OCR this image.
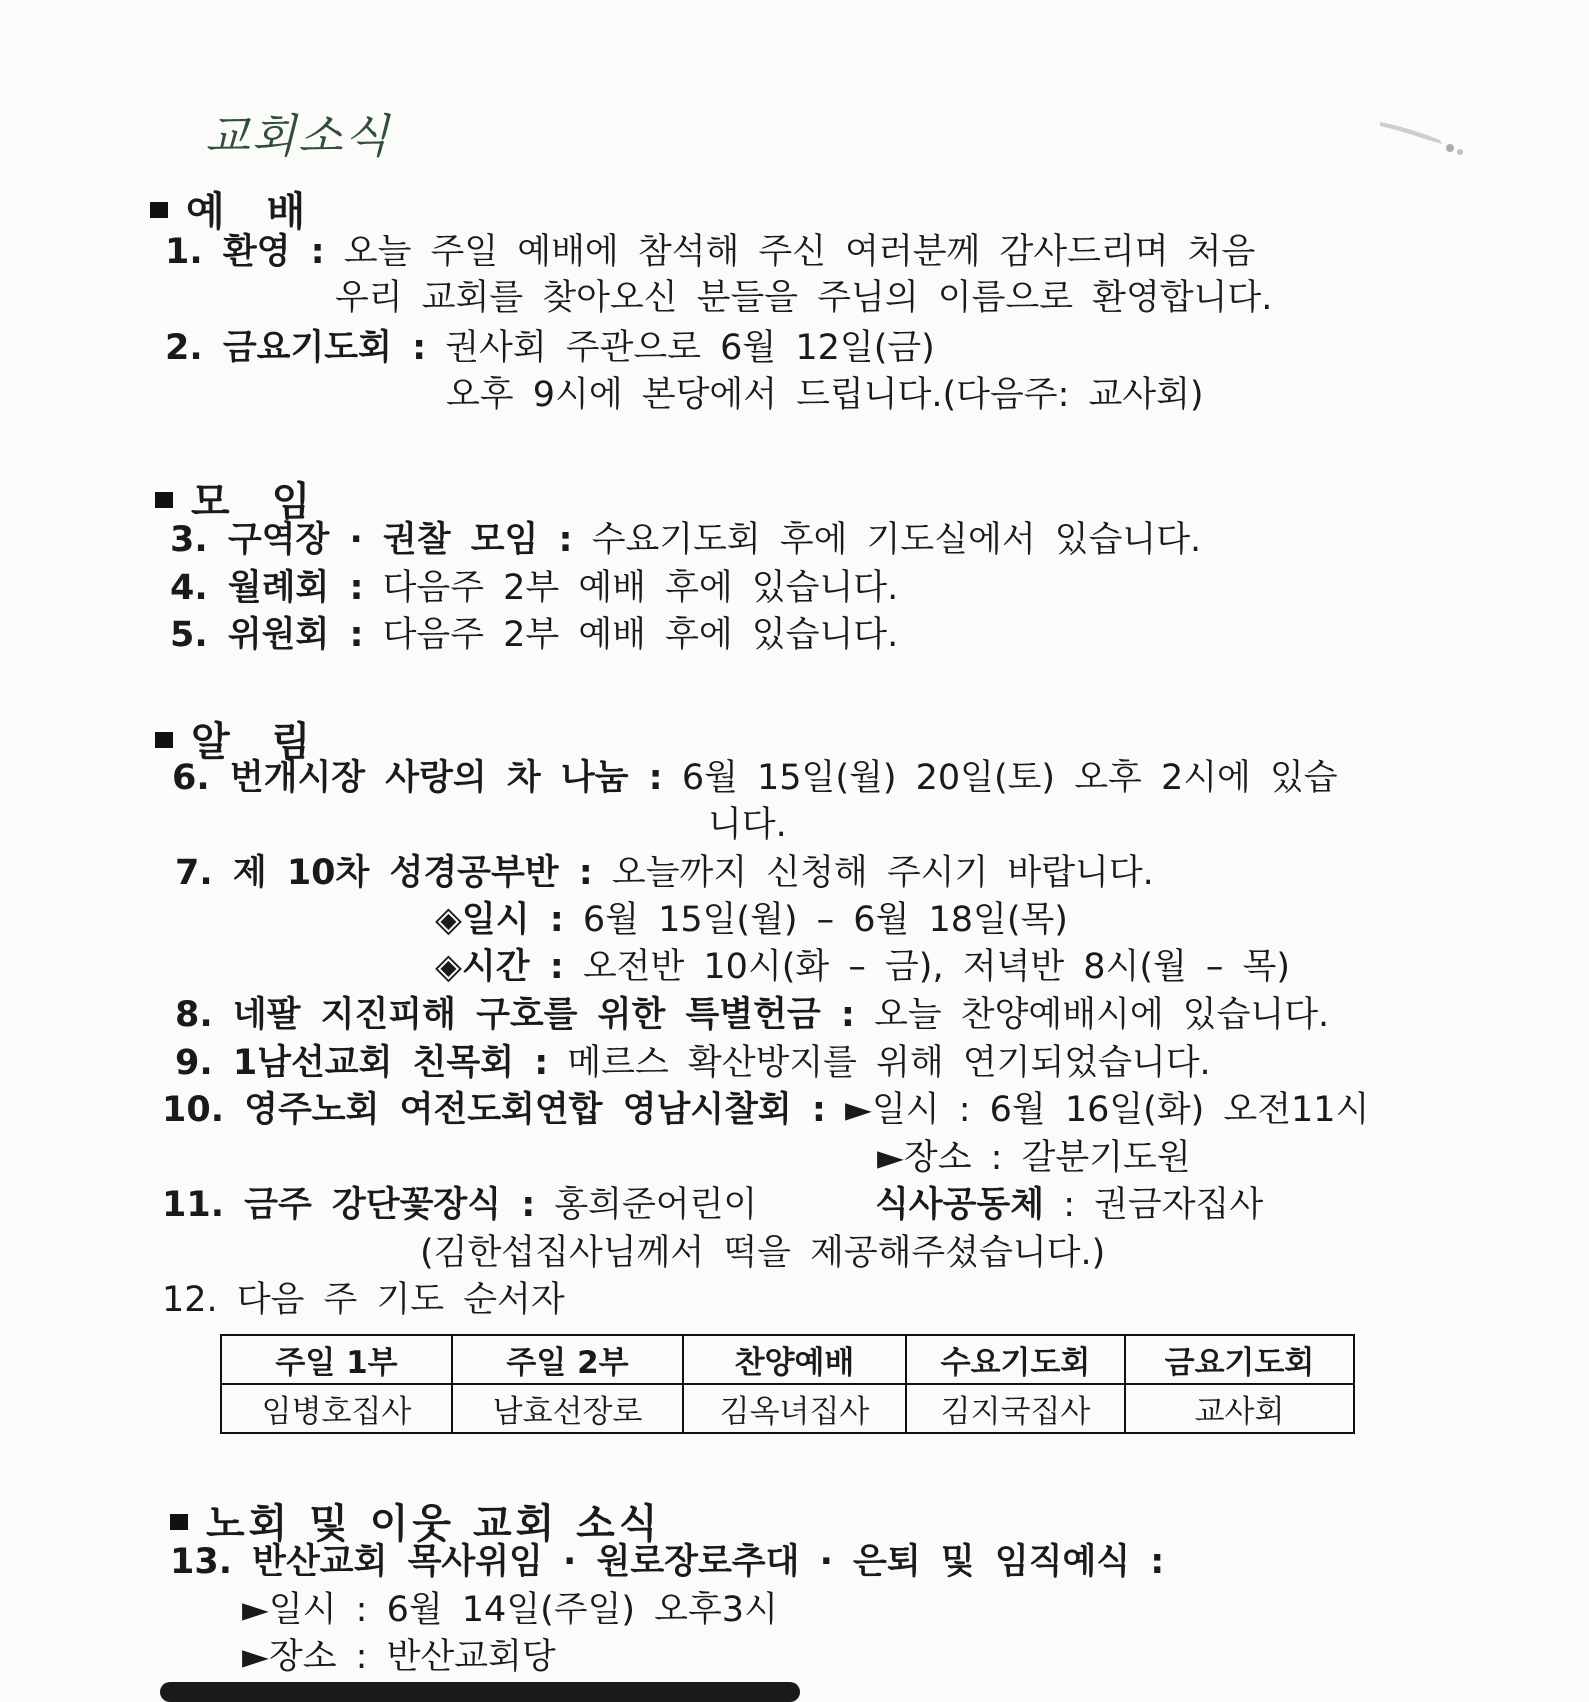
교회소식
예 배
1. 환영 : 오늘 주일 예배에 참석해 주신 여러분께 감사드리며 처음
우리 교회를 찾아오신 분들을 주님의 이름으로 환영합니다.
2. 금요기도회 : 권사회 주관으로 6월 12일(금)
오후 9시에 본당에서 드립니다.(다음주: 교사회)
모 임
3. 구역장 · 권찰 모임 : 수요기도회 후에 기도실에서 있습니다.
4. 월례회 : 다음주 2부 예배 후에 있습니다.
5. 위원회 : 다음주 2부 예배 후에 있습니다.
알 림
6. 번개시장 사랑의 차 나눔 : 6월 15일(월) 20일(토) 오후 2시에 있습
니다.
7. 제 10차 성경공부반 : 오늘까지 신청해 주시기 바랍니다.
◈일시 : 6월 15일(월) – 6월 18일(목)
◈시간 : 오전반 10시(화 – 금), 저녁반 8시(월 – 목)
8. 네팔 지진피해 구호를 위한 특별헌금 : 오늘 찬양예배시에 있습니다.
9. 1남선교회 친목회 : 메르스 확산방지를 위해 연기되었습니다.
10. 영주노회 여전도회연합 영남시찰회 : ►일시 : 6월 16일(화) 오전11시
►장소 : 갈분기도원
11. 금주 강단꽃장식 : 홍희준어린이	식사공동체 : 권금자집사
(김한섭집사님께서 떡을 제공해주셨습니다.)
12. 다음 주 기도 순서자
주일 1부	주일 2부	찬양예배	수요기도회	금요기도회
임병호집사	남효선장로	김옥녀집사	김지국집사	교사회
노회 및 이웃 교회 소식
13. 반산교회 목사위임 · 원로장로추대 · 은퇴 및 임직예식 :
►일시 : 6월 14일(주일) 오후3시
►장소 : 반산교회당
